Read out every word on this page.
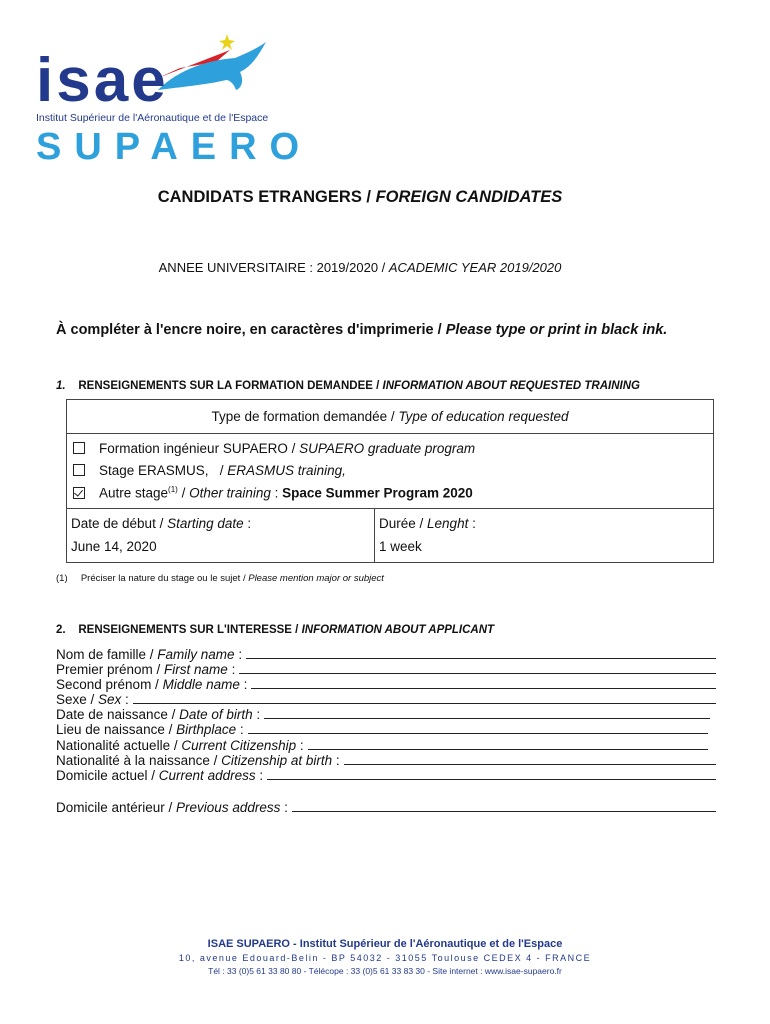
isae
Institut Supérieur de l'Aéronautique et de l'Espace
SUPAERO
CANDIDATS ETRANGERS / FOREIGN CANDIDATES
ANNEE UNIVERSITAIRE : 2019/2020 / ACADEMIC YEAR 2019/2020
À compléter à l'encre noire, en caractères d'imprimerie / Please type or print in black ink.
1. RENSEIGNEMENTS SUR LA FORMATION DEMANDEE / INFORMATION ABOUT REQUESTED TRAINING
Type de formation demandée / Type of education requested
Formation ingénieur SUPAERO / SUPAERO graduate program
Stage ERASMUS,   / ERASMUS training,
Autre stage$^{(1)}$ / Other training : Space Summer Program 2020
Date de début / Starting date :	Durée / Lenght :
June 14, 2020	1 week
(1) Préciser la nature du stage ou le sujet / Please mention major or subject
2. RENSEIGNEMENTS SUR L'INTERESSE / INFORMATION ABOUT APPLICANT
Nom de famille / Family name :
Premier prénom / First name :
Second prénom / Middle name :
Sexe / Sex :
Date de naissance / Date of birth :
Lieu de naissance / Birthplace :
Nationalité actuelle / Current Citizenship :
Nationalité à la naissance / Citizenship at birth :
Domicile actuel / Current address :
Domicile antérieur / Previous address :
ISAE SUPAERO - Institut Supérieur de l'Aéronautique et de l'Espace
10, avenue Edouard-Belin - BP 54032 - 31055 Toulouse CEDEX 4 - FRANCE
Tél : 33 (0)5 61 33 80 80 - Télécope : 33 (0)5 61 33 83 30 - Site internet : www.isae-supaero.fr
